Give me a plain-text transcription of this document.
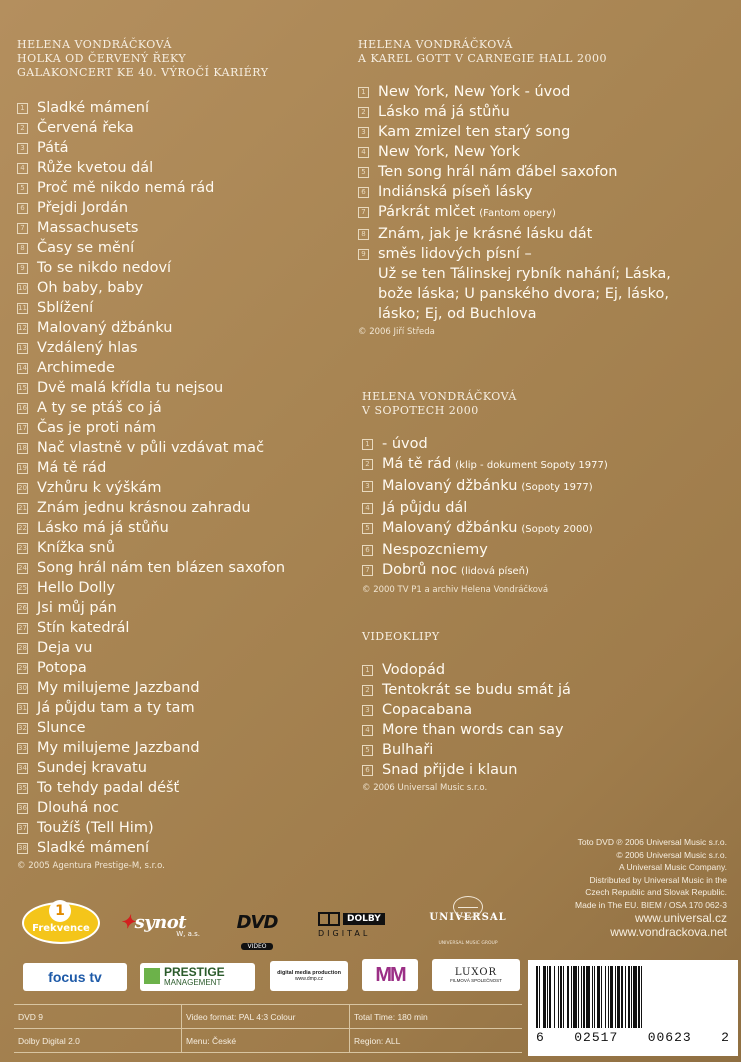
HELENA VONDRÁČKOVÁ
HOLKA OD ČERVENÝ ŘEKY
GALAKONCERT KE 40. VÝROČÍ KARIÉRY
1 Sladké mámení
2 Červená řeka
3 Pátá
4 Růže kvetou dál
5 Proč mě nikdo nemá rád
6 Přejdi Jordán
7 Massachusets
8 Časy se mění
9 To se nikdo nedoví
10 Oh baby, baby
11 Sblížení
12 Malovaný džbánku
13 Vzdálený hlas
14 Archimede
15 Dvě malá křídla tu nejsou
16 A ty se ptáš co já
17 Čas je proti nám
18 Nač vlastně v půli vzdávat mač
19 Má tě rád
20 Vzhůru k výškám
21 Znám jednu krásnou zahradu
22 Lásko má já stůňu
23 Knížka snů
24 Song hrál nám ten blázen saxofon
25 Hello Dolly
26 Jsi můj pán
27 Stín katedrál
28 Deja vu
29 Potopa
30 My milujeme Jazzband
31 Já půjdu tam a ty tam
32 Slunce
33 My milujeme Jazzband
34 Sundej kravatu
35 To tehdy padal déšť
36 Dlouhá noc
37 Toužíš (Tell Him)
38 Sladké mámení
© 2005 Agentura Prestige-M, s.r.o.
HELENA VONDRÁČKOVÁ
A KAREL GOTT V CARNEGIE HALL 2000
1 New York, New York - úvod
2 Lásko má já stůňu
3 Kam zmizel ten starý song
4 New York, New York
5 Ten song hrál nám ďábel saxofon
6 Indiánská píseň lásky
7 Párkrát mlčet (Fantom opery)
8 Znám, jak je krásné lásku dát
9 směs lidových písní –
Už se ten Tálinskej rybník nahání; Láska, bože láska; U panského dvora; Ej, lásko, lásko; Ej, od Buchlova
© 2006 Jiří Středa
HELENA VONDRÁČKOVÁ
V SOPOTECH 2000
1 - úvod
2 Má tě rád (klip - dokument Sopoty 1977)
3 Malovaný džbánku (Sopoty 1977)
4 Já půjdu dál
5 Malovaný džbánku (Sopoty 2000)
6 Nespozcniemy
7 Dobrů noc (lidová píseň)
© 2000 TV P1 a archiv Helena Vondráčková
VIDEOKLIPY
1 Vodopád
2 Tentokrát se budu smát já
3 Copacabana
4 More than words can say
5 Bulhaři
6 Snad přijde i klaun
© 2006 Universal Music s.r.o.
Toto DVD ℗ 2006 Universal Music s.r.o.
© 2006 Universal Music s.r.o.
A Universal Music Company.
Distributed by Universal Music in the
Czech Republic and Slovak Republic.
Made in The EU. BIEM / OSA 170 062-3
www.universal.cz
www.vondrackova.net
1
Frekvence	✦synot
W, a.s.
DVD
VIDEO
DOLBY
DIGITAL
UNIVERSAL
UNIVERSAL MUSIC GROUP
focus tv	PRESTIGE
MANAGEMENT
digital media production
www.dmp.cz	MM	LUXOR
FILMOVÁ SPOLEČNOST
DVD 9	Video format: PAL 4:3 Colour	Total Time: 180 min
Dolby Digital 2.0	Menu: České	Region: ALL	6 02517 00623 2
